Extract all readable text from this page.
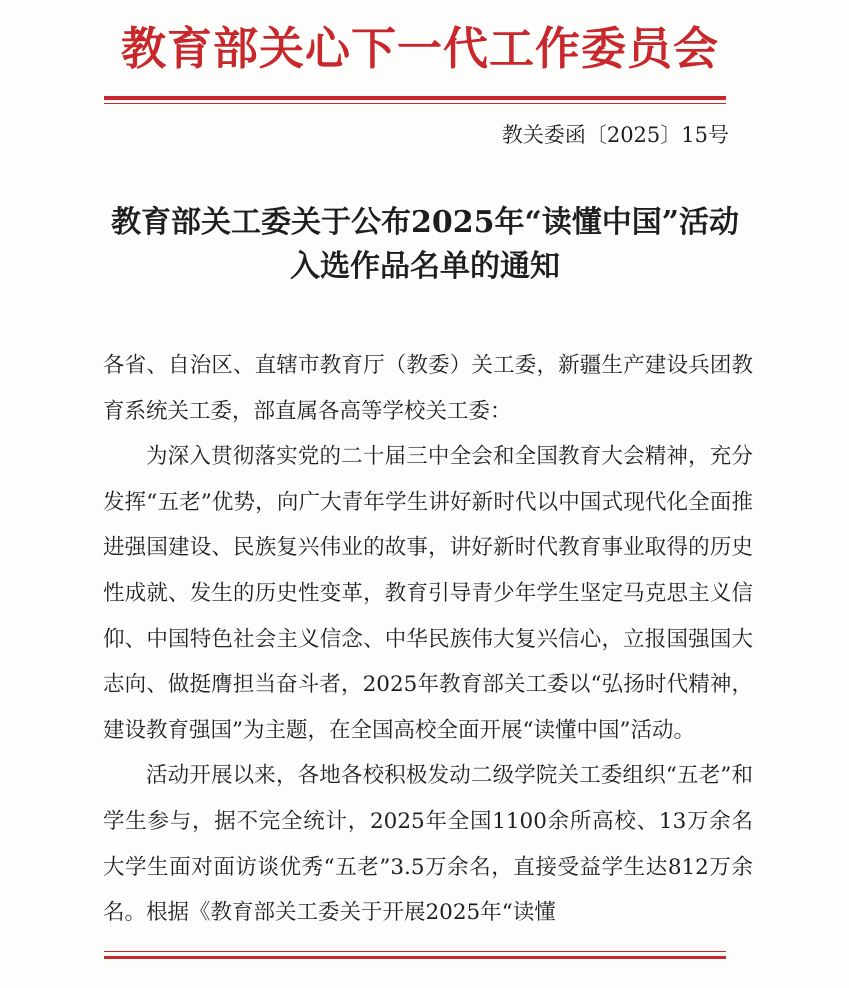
教育部关心下一代工作委员会
教关委函〔2025〕15号
教育部关工委关于公布2025年“读懂中国”活动
入选作品名单的通知

各省、自治区、直辖市教育厅（教委）关工委，新疆生产建设兵团教育系统关工委，部直属各高等学校关工委：

为深入贯彻落实党的二十届三中全会和全国教育大会精神，充分发挥“五老”优势，向广大青年学生讲好新时代以中国式现代化全面推进强国建设、民族复兴伟业的故事，讲好新时代教育事业取得的历史性成就、发生的历史性变革，教育引导青少年学生坚定马克思主义信仰、中国特色社会主义信念、中华民族伟大复兴信心，立报国强国大志向、做挺膺担当奋斗者，2025年教育部关工委以“弘扬时代精神，建设教育强国”为主题，在全国高校全面开展“读懂中国”活动。

活动开展以来，各地各校积极发动二级学院关工委组织“五老”和学生参与，据不完全统计，2025年全国1100余所高校、13万余名大学生面对面访谈优秀“五老”3.5万余名，直接受益学生达812万余名。根据《教育部关工委关于开展2025年“读懂
